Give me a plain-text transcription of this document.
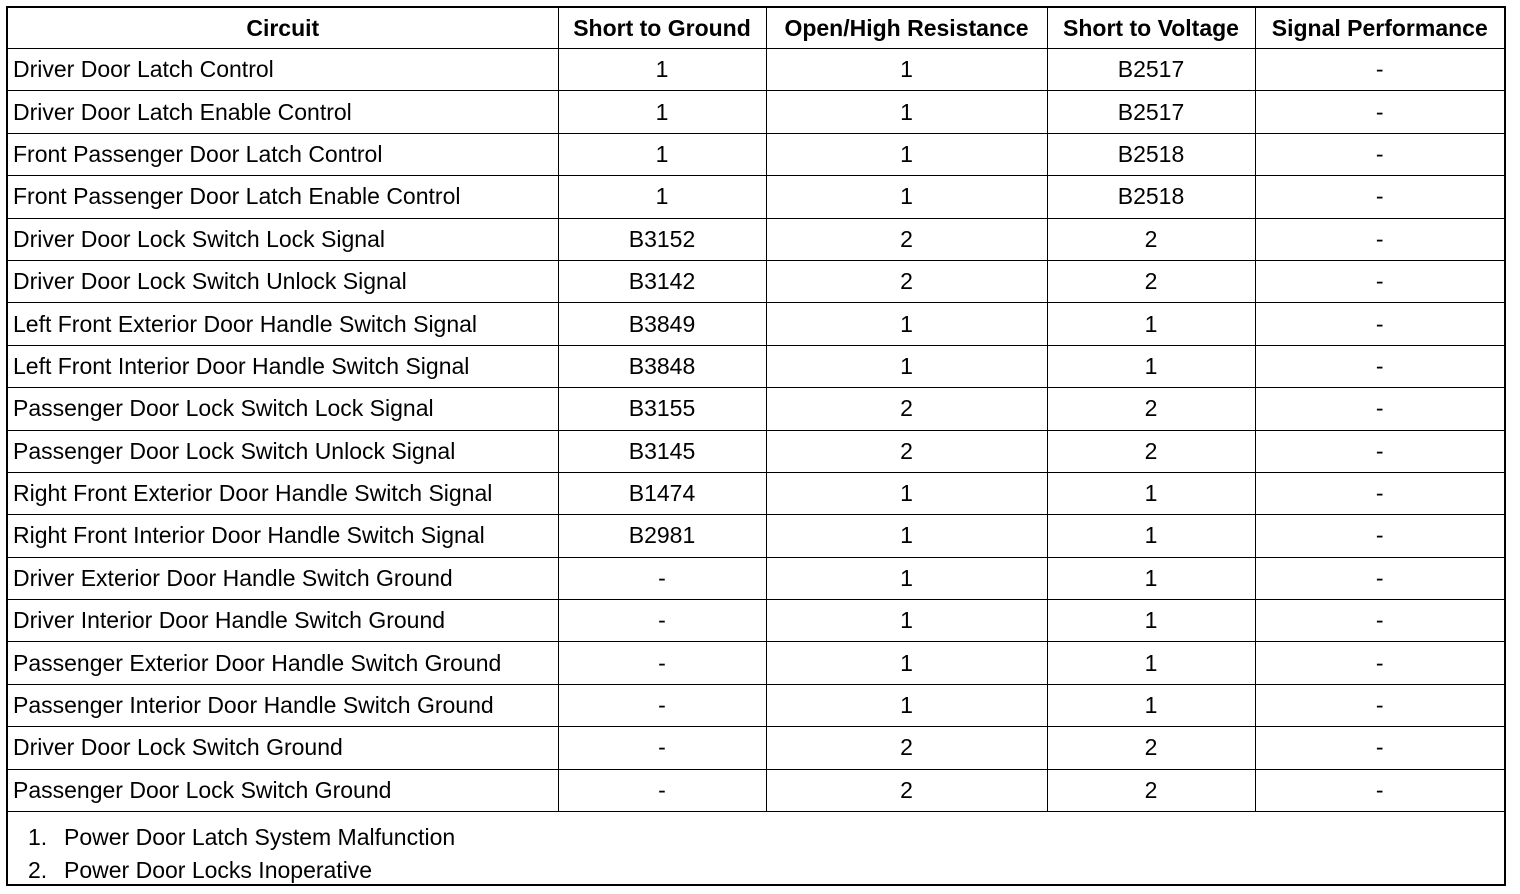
Circuit	Short to Ground	Open/High Resistance	Short to Voltage	Signal Performance
Driver Door Latch Control	1	1	B2517	-
Driver Door Latch Enable Control	1	1	B2517	-
Front Passenger Door Latch Control	1	1	B2518	-
Front Passenger Door Latch Enable Control	1	1	B2518	-
Driver Door Lock Switch Lock Signal	B3152	2	2	-
Driver Door Lock Switch Unlock Signal	B3142	2	2	-
Left Front Exterior Door Handle Switch Signal	B3849	1	1	-
Left Front Interior Door Handle Switch Signal	B3848	1	1	-
Passenger Door Lock Switch Lock Signal	B3155	2	2	-
Passenger Door Lock Switch Unlock Signal	B3145	2	2	-
Right Front Exterior Door Handle Switch Signal	B1474	1	1	-
Right Front Interior Door Handle Switch Signal	B2981	1	1	-
Driver Exterior Door Handle Switch Ground	-	1	1	-
Driver Interior Door Handle Switch Ground	-	1	1	-
Passenger Exterior Door Handle Switch Ground	-	1	1	-
Passenger Interior Door Handle Switch Ground	-	1	1	-
Driver Door Lock Switch Ground	-	2	2	-
Passenger Door Lock Switch Ground	-	2	2	-
1. Power Door Latch System Malfunction
2. Power Door Locks Inoperative
